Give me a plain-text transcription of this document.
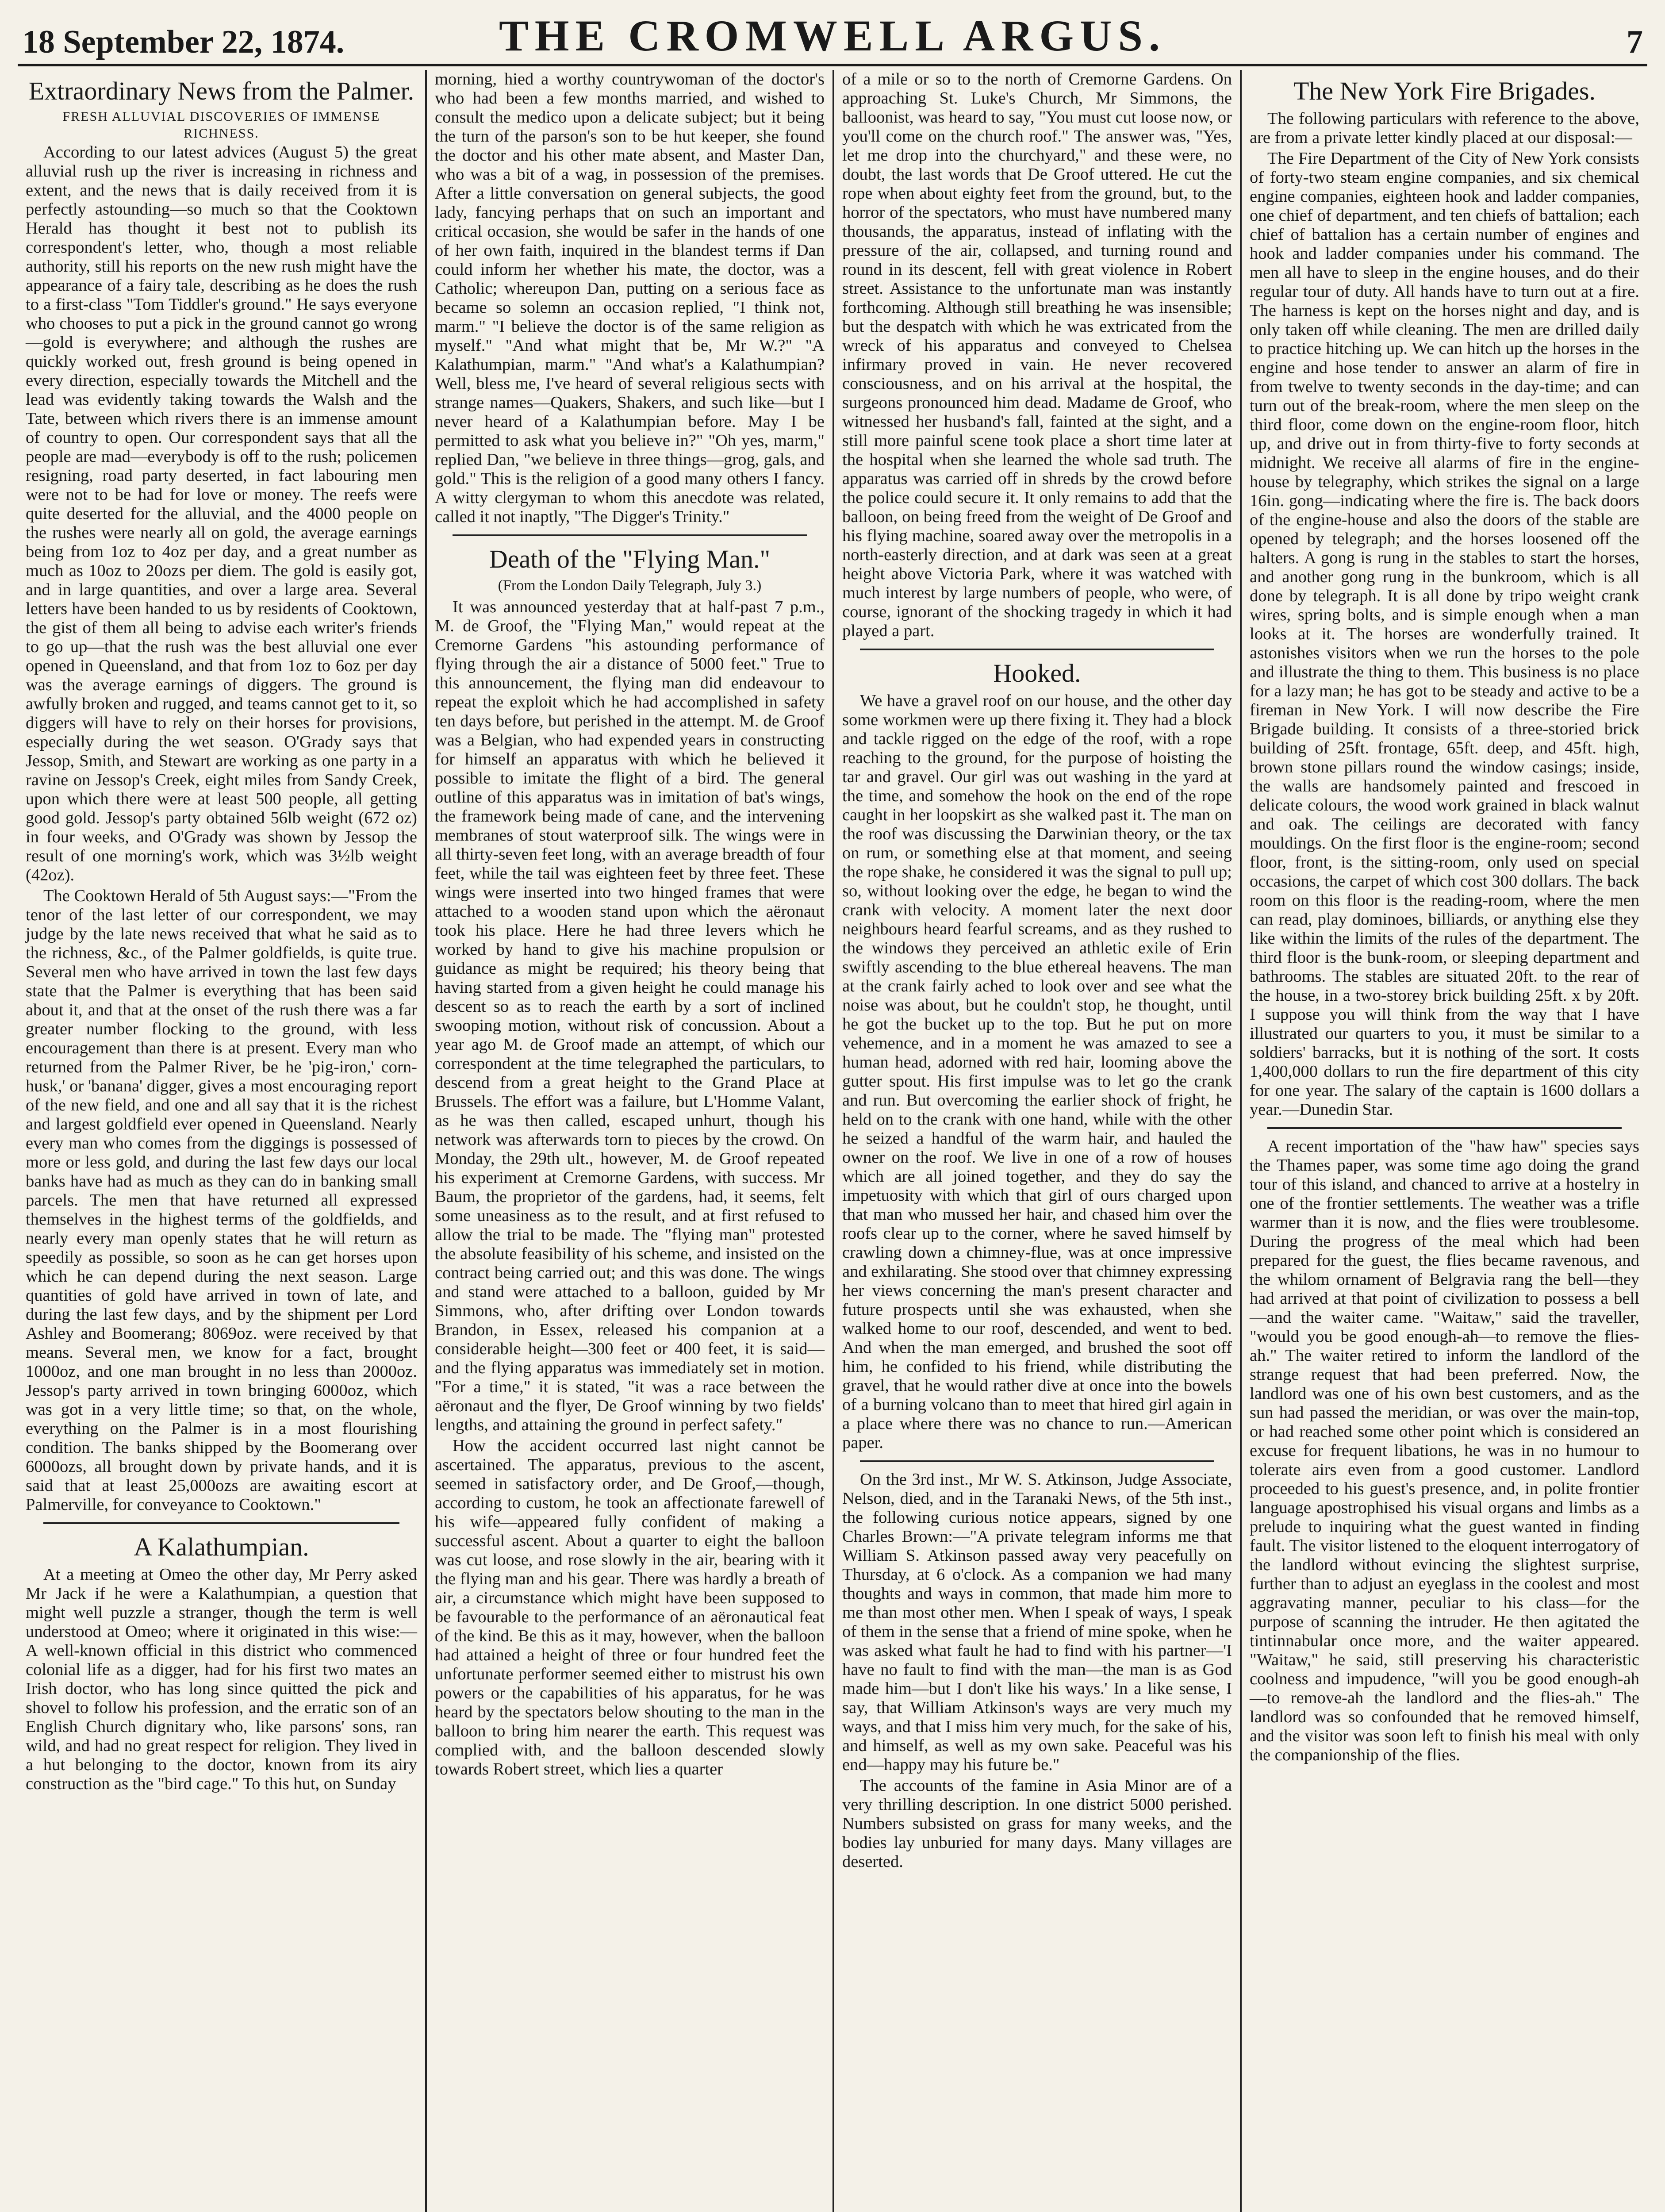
18 September 22, 1874.	THE CROMWELL ARGUS.	7
Extraordinary News from the Palmer.
FRESH ALLUVIAL DISCOVERIES OF IMMENSE
RICHNESS.

According to our latest advices (August 5) the great alluvial rush up the river is increasing in richness and extent, and the news that is daily received from it is perfectly astounding—so much so that the Cooktown Herald has thought it best not to publish its correspondent's letter, who, though a most reliable authority, still his reports on the new rush might have the appearance of a fairy tale, describing as he does the rush to a first-class "Tom Tiddler's ground." He says everyone who chooses to put a pick in the ground cannot go wrong—gold is everywhere; and although the rushes are quickly worked out, fresh ground is being opened in every direction, especially towards the Mitchell and the lead was evidently taking towards the Walsh and the Tate, between which rivers there is an immense amount of country to open. Our correspondent says that all the people are mad—everybody is off to the rush; policemen resigning, road party deserted, in fact labouring men were not to be had for love or money. The reefs were quite deserted for the alluvial, and the 4000 people on the rushes were nearly all on gold, the average earnings being from 1oz to 4oz per day, and a great number as much as 10oz to 20ozs per diem. The gold is easily got, and in large quantities, and over a large area. Several letters have been handed to us by residents of Cooktown, the gist of them all being to advise each writer's friends to go up—that the rush was the best alluvial one ever opened in Queensland, and that from 1oz to 6oz per day was the average earnings of diggers. The ground is awfully broken and rugged, and teams cannot get to it, so diggers will have to rely on their horses for provisions, especially during the wet season. O'Grady says that Jessop, Smith, and Stewart are working as one party in a ravine on Jessop's Creek, eight miles from Sandy Creek, upon which there were at least 500 people, all getting good gold. Jessop's party obtained 56lb weight (672 oz) in four weeks, and O'Grady was shown by Jessop the result of one morning's work, which was 3½lb weight (42oz).

The Cooktown Herald of 5th August says:—"From the tenor of the last letter of our correspondent, we may judge by the late news received that what he said as to the richness, &c., of the Palmer goldfields, is quite true. Several men who have arrived in town the last few days state that the Palmer is everything that has been said about it, and that at the onset of the rush there was a far greater number flocking to the ground, with less encouragement than there is at present. Every man who returned from the Palmer River, be he 'pig-iron,' corn-husk,' or 'banana' digger, gives a most encouraging report of the new field, and one and all say that it is the richest and largest goldfield ever opened in Queensland. Nearly every man who comes from the diggings is possessed of more or less gold, and during the last few days our local banks have had as much as they can do in banking small parcels. The men that have returned all expressed themselves in the highest terms of the goldfields, and nearly every man openly states that he will return as speedily as possible, so soon as he can get horses upon which he can depend during the next season. Large quantities of gold have arrived in town of late, and during the last few days, and by the shipment per Lord Ashley and Boomerang; 8069oz. were received by that means. Several men, we know for a fact, brought 1000oz, and one man brought in no less than 2000oz. Jessop's party arrived in town bringing 6000oz, which was got in a very little time; so that, on the whole, everything on the Palmer is in a most flourishing condition. The banks shipped by the Boomerang over 6000ozs, all brought down by private hands, and it is said that at least 25,000ozs are awaiting escort at Palmerville, for conveyance to Cooktown."

A Kalathumpian.

At a meeting at Omeo the other day, Mr Perry asked Mr Jack if he were a Kalathumpian, a question that might well puzzle a stranger, though the term is well understood at Omeo; where it originated in this wise:—A well-known official in this district who commenced colonial life as a digger, had for his first two mates an Irish doctor, who has long since quitted the pick and shovel to follow his profession, and the erratic son of an English Church dignitary who, like parsons' sons, ran wild, and had no great respect for religion. They lived in a hut belonging to the doctor, known from its airy construction as the "bird cage." To this hut, on Sunday

morning, hied a worthy countrywoman of the doctor's who had been a few months married, and wished to consult the medico upon a delicate subject; but it being the turn of the parson's son to be hut keeper, she found the doctor and his other mate absent, and Master Dan, who was a bit of a wag, in possession of the premises. After a little conversation on general subjects, the good lady, fancying perhaps that on such an important and critical occasion, she would be safer in the hands of one of her own faith, inquired in the blandest terms if Dan could inform her whether his mate, the doctor, was a Catholic; whereupon Dan, putting on a serious face as became so solemn an occasion replied, "I think not, marm." "I believe the doctor is of the same religion as myself." "And what might that be, Mr W.?" "A Kalathumpian, marm." "And what's a Kalathumpian? Well, bless me, I've heard of several religious sects with strange names—Quakers, Shakers, and such like—but I never heard of a Kalathumpian before. May I be permitted to ask what you believe in?" "Oh yes, marm," replied Dan, "we believe in three things—grog, gals, and gold." This is the religion of a good many others I fancy. A witty clergyman to whom this anecdote was related, called it not inaptly, "The Digger's Trinity."

Death of the "Flying Man."
(From the London Daily Telegraph, July 3.)

It was announced yesterday that at half-past 7 p.m., M. de Groof, the "Flying Man," would repeat at the Cremorne Gardens "his astounding performance of flying through the air a distance of 5000 feet." True to this announcement, the flying man did endeavour to repeat the exploit which he had accomplished in safety ten days before, but perished in the attempt. M. de Groof was a Belgian, who had expended years in constructing for himself an apparatus with which he believed it possible to imitate the flight of a bird. The general outline of this apparatus was in imitation of bat's wings, the framework being made of cane, and the intervening membranes of stout waterproof silk. The wings were in all thirty-seven feet long, with an average breadth of four feet, while the tail was eighteen feet by three feet. These wings were inserted into two hinged frames that were attached to a wooden stand upon which the aëronaut took his place. Here he had three levers which he worked by hand to give his machine propulsion or guidance as might be required; his theory being that having started from a given height he could manage his descent so as to reach the earth by a sort of inclined swooping motion, without risk of concussion. About a year ago M. de Groof made an attempt, of which our correspondent at the time telegraphed the particulars, to descend from a great height to the Grand Place at Brussels. The effort was a failure, but L'Homme Valant, as he was then called, escaped unhurt, though his network was afterwards torn to pieces by the crowd. On Monday, the 29th ult., however, M. de Groof repeated his experiment at Cremorne Gardens, with success. Mr Baum, the proprietor of the gardens, had, it seems, felt some uneasiness as to the result, and at first refused to allow the trial to be made. The "flying man" protested the absolute feasibility of his scheme, and insisted on the contract being carried out; and this was done. The wings and stand were attached to a balloon, guided by Mr Simmons, who, after drifting over London towards Brandon, in Essex, released his companion at a considerable height—300 feet or 400 feet, it is said—and the flying apparatus was immediately set in motion. "For a time," it is stated, "it was a race between the aëronaut and the flyer, De Groof winning by two fields' lengths, and attaining the ground in perfect safety."

How the accident occurred last night cannot be ascertained. The apparatus, previous to the ascent, seemed in satisfactory order, and De Groof,—though, according to custom, he took an affectionate farewell of his wife—appeared fully confident of making a successful ascent. About a quarter to eight the balloon was cut loose, and rose slowly in the air, bearing with it the flying man and his gear. There was hardly a breath of air, a circumstance which might have been supposed to be favourable to the performance of an aëronautical feat of the kind. Be this as it may, however, when the balloon had attained a height of three or four hundred feet the unfortunate performer seemed either to mistrust his own powers or the capabilities of his apparatus, for he was heard by the spectators below shouting to the man in the balloon to bring him nearer the earth. This request was complied with, and the balloon descended slowly towards Robert street, which lies a quarter

of a mile or so to the north of Cremorne Gardens. On approaching St. Luke's Church, Mr Simmons, the balloonist, was heard to say, "You must cut loose now, or you'll come on the church roof." The answer was, "Yes, let me drop into the churchyard," and these were, no doubt, the last words that De Groof uttered. He cut the rope when about eighty feet from the ground, but, to the horror of the spectators, who must have numbered many thousands, the apparatus, instead of inflating with the pressure of the air, collapsed, and turning round and round in its descent, fell with great violence in Robert street. Assistance to the unfortunate man was instantly forthcoming. Although still breathing he was insensible; but the despatch with which he was extricated from the wreck of his apparatus and conveyed to Chelsea infirmary proved in vain. He never recovered consciousness, and on his arrival at the hospital, the surgeons pronounced him dead. Madame de Groof, who witnessed her husband's fall, fainted at the sight, and a still more painful scene took place a short time later at the hospital when she learned the whole sad truth. The apparatus was carried off in shreds by the crowd before the police could secure it. It only remains to add that the balloon, on being freed from the weight of De Groof and his flying machine, soared away over the metropolis in a north-easterly direction, and at dark was seen at a great height above Victoria Park, where it was watched with much interest by large numbers of people, who were, of course, ignorant of the shocking tragedy in which it had played a part.

Hooked.

We have a gravel roof on our house, and the other day some workmen were up there fixing it. They had a block and tackle rigged on the edge of the roof, with a rope reaching to the ground, for the purpose of hoisting the tar and gravel. Our girl was out washing in the yard at the time, and somehow the hook on the end of the rope caught in her loopskirt as she walked past it. The man on the roof was discussing the Darwinian theory, or the tax on rum, or something else at that moment, and seeing the rope shake, he considered it was the signal to pull up; so, without looking over the edge, he began to wind the crank with velocity. A moment later the next door neighbours heard fearful screams, and as they rushed to the windows they perceived an athletic exile of Erin swiftly ascending to the blue ethereal heavens. The man at the crank fairly ached to look over and see what the noise was about, but he couldn't stop, he thought, until he got the bucket up to the top. But he put on more vehemence, and in a moment he was amazed to see a human head, adorned with red hair, looming above the gutter spout. His first impulse was to let go the crank and run. But overcoming the earlier shock of fright, he held on to the crank with one hand, while with the other he seized a handful of the warm hair, and hauled the owner on the roof. We live in one of a row of houses which are all joined together, and they do say the impetuosity with which that girl of ours charged upon that man who mussed her hair, and chased him over the roofs clear up to the corner, where he saved himself by crawling down a chimney-flue, was at once impressive and exhilarating. She stood over that chimney expressing her views concerning the man's present character and future prospects until she was exhausted, when she walked home to our roof, descended, and went to bed. And when the man emerged, and brushed the soot off him, he confided to his friend, while distributing the gravel, that he would rather dive at once into the bowels of a burning volcano than to meet that hired girl again in a place where there was no chance to run.—American paper.

On the 3rd inst., Mr W. S. Atkinson, Judge Associate, Nelson, died, and in the Taranaki News, of the 5th inst., the following curious notice appears, signed by one Charles Brown:—"A private telegram informs me that William S. Atkinson passed away very peacefully on Thursday, at 6 o'clock. As a companion we had many thoughts and ways in common, that made him more to me than most other men. When I speak of ways, I speak of them in the sense that a friend of mine spoke, when he was asked what fault he had to find with his partner—'I have no fault to find with the man—the man is as God made him—but I don't like his ways.' In a like sense, I say, that William Atkinson's ways are very much my ways, and that I miss him very much, for the sake of his, and himself, as well as my own sake. Peaceful was his end—happy may his future be."

The accounts of the famine in Asia Minor are of a very thrilling description. In one district 5000 perished. Numbers subsisted on grass for many weeks, and the bodies lay unburied for many days. Many villages are deserted.

The New York Fire Brigades.

The following particulars with reference to the above, are from a private letter kindly placed at our disposal:—

The Fire Department of the City of New York consists of forty-two steam engine companies, and six chemical engine companies, eighteen hook and ladder companies, one chief of department, and ten chiefs of battalion; each chief of battalion has a certain number of engines and hook and ladder companies under his command. The men all have to sleep in the engine houses, and do their regular tour of duty. All hands have to turn out at a fire. The harness is kept on the horses night and day, and is only taken off while cleaning. The men are drilled daily to practice hitching up. We can hitch up the horses in the engine and hose tender to answer an alarm of fire in from twelve to twenty seconds in the day-time; and can turn out of the break-room, where the men sleep on the third floor, come down on the engine-room floor, hitch up, and drive out in from thirty-five to forty seconds at midnight. We receive all alarms of fire in the engine-house by telegraphy, which strikes the signal on a large 16in. gong—indicating where the fire is. The back doors of the engine-house and also the doors of the stable are opened by telegraph; and the horses loosened off the halters. A gong is rung in the stables to start the horses, and another gong rung in the bunkroom, which is all done by telegraph. It is all done by tripo weight crank wires, spring bolts, and is simple enough when a man looks at it. The horses are wonderfully trained. It astonishes visitors when we run the horses to the pole and illustrate the thing to them. This business is no place for a lazy man; he has got to be steady and active to be a fireman in New York. I will now describe the Fire Brigade building. It consists of a three-storied brick building of 25ft. frontage, 65ft. deep, and 45ft. high, brown stone pillars round the window casings; inside, the walls are handsomely painted and frescoed in delicate colours, the wood work grained in black walnut and oak. The ceilings are decorated with fancy mouldings. On the first floor is the engine-room; second floor, front, is the sitting-room, only used on special occasions, the carpet of which cost 300 dollars. The back room on this floor is the reading-room, where the men can read, play dominoes, billiards, or anything else they like within the limits of the rules of the department. The third floor is the bunk-room, or sleeping department and bathrooms. The stables are situated 20ft. to the rear of the house, in a two-storey brick building 25ft. x by 20ft. I suppose you will think from the way that I have illustrated our quarters to you, it must be similar to a soldiers' barracks, but it is nothing of the sort. It costs 1,400,000 dollars to run the fire department of this city for one year. The salary of the captain is 1600 dollars a year.—Dunedin Star.

A recent importation of the "haw haw" species says the Thames paper, was some time ago doing the grand tour of this island, and chanced to arrive at a hostelry in one of the frontier settlements. The weather was a trifle warmer than it is now, and the flies were troublesome. During the progress of the meal which had been prepared for the guest, the flies became ravenous, and the whilom ornament of Belgravia rang the bell—they had arrived at that point of civilization to possess a bell—and the waiter came. "Waitaw," said the traveller, "would you be good enough-ah—to remove the flies-ah." The waiter retired to inform the landlord of the strange request that had been preferred. Now, the landlord was one of his own best customers, and as the sun had passed the meridian, or was over the main-top, or had reached some other point which is considered an excuse for frequent libations, he was in no humour to tolerate airs even from a good customer. Landlord proceeded to his guest's presence, and, in polite frontier language apostrophised his visual organs and limbs as a prelude to inquiring what the guest wanted in finding fault. The visitor listened to the eloquent interrogatory of the landlord without evincing the slightest surprise, further than to adjust an eyeglass in the coolest and most aggravating manner, peculiar to his class—for the purpose of scanning the intruder. He then agitated the tintinnabular once more, and the waiter appeared. "Waitaw," he said, still preserving his characteristic coolness and impudence, "will you be good enough-ah—to remove-ah the landlord and the flies-ah." The landlord was so confounded that he removed himself, and the visitor was soon left to finish his meal with only the companionship of the flies.
